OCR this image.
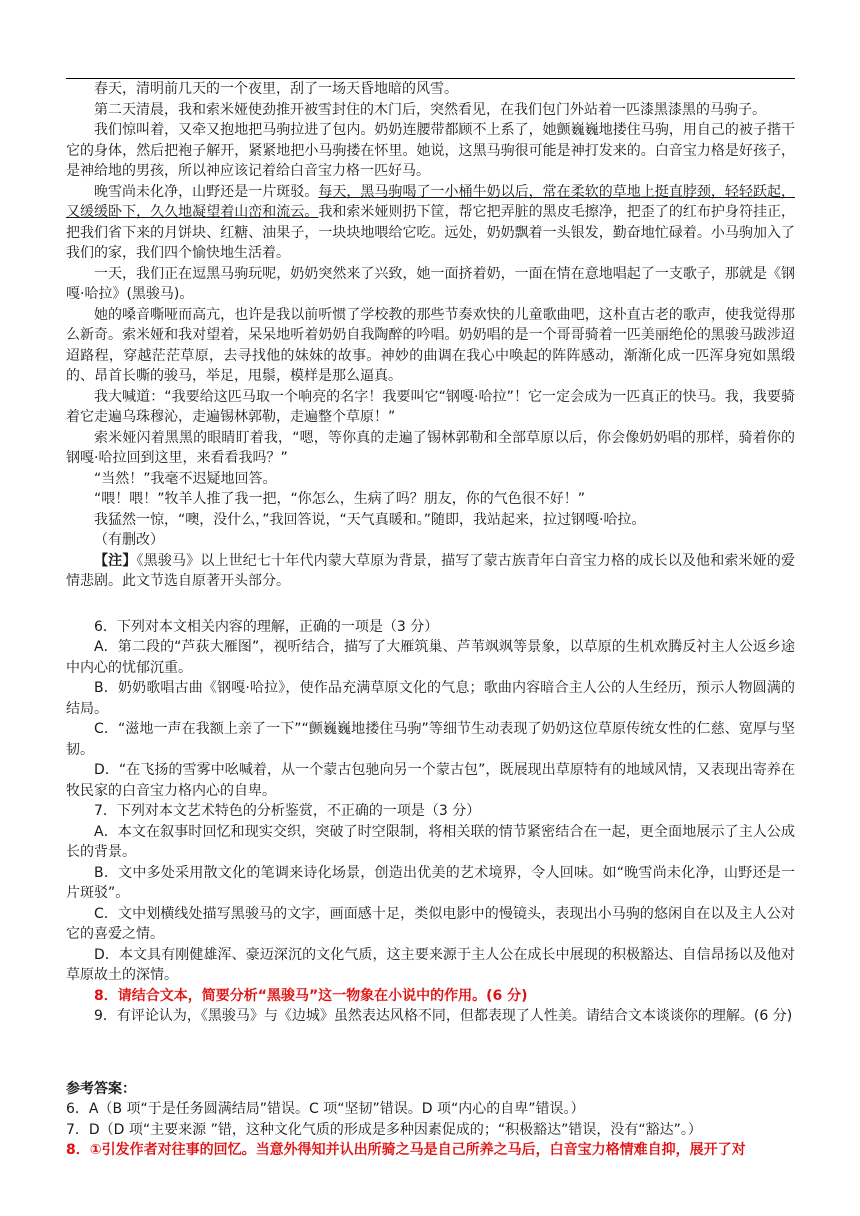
春天，清明前几天的一个夜里，刮了一场天昏地暗的风雪。

第二天清晨，我和索米娅使劲推开被雪封住的木门后，突然看见，在我们包门外站着一匹漆黑漆黑的马驹子。

我们惊叫着，又牵又抱地把马驹拉进了包内。奶奶连腰带都顾不上系了，她颤巍巍地搂住马驹，用自己的被子揩干它的身体，然后把袍子解开，紧紧地把小马驹搂在怀里。她说，这黑马驹很可能是神打发来的。白音宝力格是好孩子，是神给地的男孩，所以神应该记着给白音宝力格一匹好马。

晚雪尚未化净，山野还是一片斑驳。每天，黑马驹喝了一小桶牛奶以后，常在柔软的草地上挺直脖颈，轻轻跃起，又缓缓卧下，久久地凝望着山峦和流云。我和索米娅则扔下筐，帮它把弄脏的黑皮毛擦净，把歪了的红布护身符挂正，把我们省下来的月饼块、红糖、油果子，一块块地喂给它吃。远处，奶奶飘着一头银发，勤奋地忙碌着。小马驹加入了我们的家，我们四个愉快地生活着。

一天，我们正在逗黑马驹玩呢，奶奶突然来了兴致，她一面挤着奶，一面在情在意地唱起了一支歌子，那就是《钢嘎·哈拉》(黑骏马)。

她的嗓音嘶哑而高亢，也许是我以前听惯了学校教的那些节奏欢快的儿童歌曲吧，这朴直古老的歌声，使我觉得那么新奇。索米娅和我对望着，呆呆地听着奶奶自我陶醉的吟唱。奶奶唱的是一个哥哥骑着一匹美丽绝伦的黑骏马跋涉迢迢路程，穿越茫茫草原，去寻找他的妹妹的故事。神妙的曲调在我心中唤起的阵阵感动，渐渐化成一匹浑身宛如黑缎的、昂首长嘶的骏马，举足，甩鬃，模样是那么逼真。

我大喊道：“我要给这匹马取一个响亮的名字！我要叫它“钢嘎·哈拉”！它一定会成为一匹真正的快马。我，我要骑着它走遍乌珠穆沁，走遍锡林郭勒，走遍整个草原！”

索米娅闪着黑黑的眼睛盯着我，“嗯，等你真的走遍了锡林郭勒和全部草原以后，你会像奶奶唱的那样，骑着你的钢嘎·哈拉回到这里，来看看我吗？”

“当然！”我毫不迟疑地回答。

“喂！喂！”牧羊人推了我一把，“你怎么，生病了吗？朋友，你的气色很不好！”

我猛然一惊，“噢，没什么，”我回答说，“天气真暖和。”随即，我站起来，拉过钢嘎·哈拉。

（有删改）

【注】《黑骏马》以上世纪七十年代内蒙大草原为背景，描写了蒙古族青年白音宝力格的成长以及他和索米娅的爱情悲剧。此文节选自原著开头部分。

6．下列对本文相关内容的理解，正确的一项是（3 分）

A．第二段的“芦荻大雁图”，视听结合，描写了大雁筑巢、芦苇飒飒等景象，以草原的生机欢腾反衬主人公返乡途中内心的忧郁沉重。

B．奶奶歌唱古曲《钢嘎·哈拉》，使作品充满草原文化的气息；歌曲内容暗合主人公的人生经历，预示人物圆满的结局。

C．“滋地一声在我额上亲了一下”“颤巍巍地搂住马驹”等细节生动表现了奶奶这位草原传统女性的仁慈、宽厚与坚韧。

D．“在飞扬的雪雾中吆喊着，从一个蒙古包驰向另一个蒙古包”，既展现出草原特有的地域风情，又表现出寄养在牧民家的白音宝力格内心的自卑。

7．下列对本文艺术特色的分析鉴赏，不正确的一项是（3 分）

A．本文在叙事时回忆和现实交织，突破了时空限制，将相关联的情节紧密结合在一起，更全面地展示了主人公成长的背景。

B．文中多处采用散文化的笔调来诗化场景，创造出优美的艺术境界，令人回味。如“晚雪尚未化净，山野还是一片斑驳”。

C．文中划横线处描写黑骏马的文字，画面感十足，类似电影中的慢镜头，表现出小马驹的悠闲自在以及主人公对它的喜爱之情。

D．本文具有刚健雄浑、豪迈深沉的文化气质，这主要来源于主人公在成长中展现的积极豁达、自信昂扬以及他对草原故土的深情。

8．请结合文本，简要分析“黑骏马”这一物象在小说中的作用。(6 分)

9．有评论认为，《黑骏马》与《边城》虽然表达风格不同，但都表现了人性美。请结合文本谈谈你的理解。(6 分)

参考答案：

6．A（B 项“于是任务圆满结局”错误。C 项“坚韧”错误。D 项“内心的自卑”错误。）

7．D（D 项“主要来源 ”错，这种文化气质的形成是多种因素促成的；“积极豁达”错误，没有“豁达”。）

8．①引发作者对往事的回忆。当意外得知并认出所骑之马是自己所养之马后，白音宝力格情难自抑，展开了对
